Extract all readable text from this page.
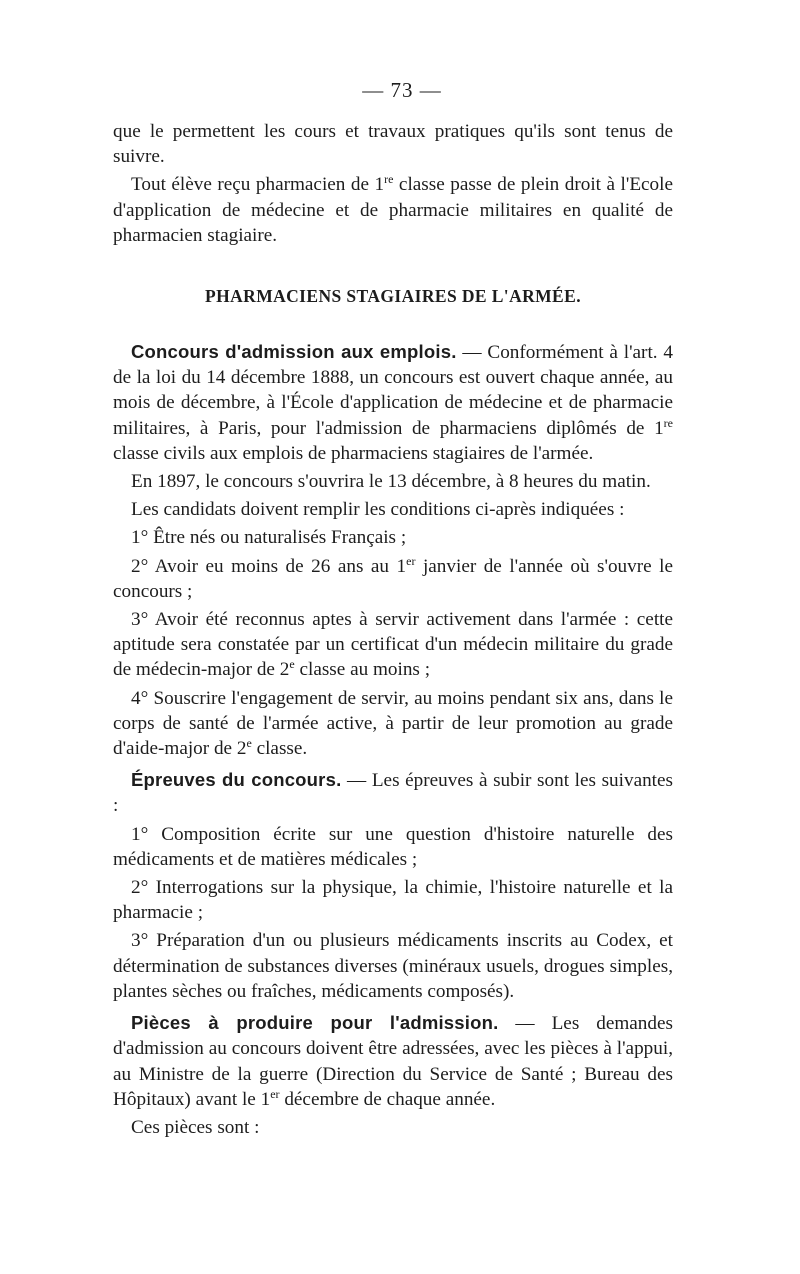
— 73 —

que le permettent les cours et travaux pratiques qu'ils sont tenus de suivre.

Tout élève reçu pharmacien de 1re classe passe de plein droit à l'Ecole d'application de médecine et de pharmacie militaires en qualité de pharmacien stagiaire.

PHARMACIENS STAGIAIRES DE L'ARMÉE.

Concours d'admission aux emplois. — Conformément à l'art. 4 de la loi du 14 décembre 1888, un concours est ouvert chaque année, au mois de décembre, à l'École d'application de médecine et de pharmacie militaires, à Paris, pour l'admission de pharmaciens diplômés de 1re classe civils aux emplois de pharmaciens stagiaires de l'armée.

En 1897, le concours s'ouvrira le 13 décembre, à 8 heures du matin.

Les candidats doivent remplir les conditions ci-après indiquées :

1° Être nés ou naturalisés Français ;

2° Avoir eu moins de 26 ans au 1er janvier de l'année où s'ouvre le concours ;

3° Avoir été reconnus aptes à servir activement dans l'armée : cette aptitude sera constatée par un certificat d'un médecin militaire du grade de médecin-major de 2e classe au moins ;

4° Souscrire l'engagement de servir, au moins pendant six ans, dans le corps de santé de l'armée active, à partir de leur promotion au grade d'aide-major de 2e classe.

Épreuves du concours. — Les épreuves à subir sont les suivantes :

1° Composition écrite sur une question d'histoire naturelle des médicaments et de matières médicales ;

2° Interrogations sur la physique, la chimie, l'histoire naturelle et la pharmacie ;

3° Préparation d'un ou plusieurs médicaments inscrits au Codex, et détermination de substances diverses (minéraux usuels, drogues simples, plantes sèches ou fraîches, médicaments composés).

Pièces à produire pour l'admission. — Les demandes d'admission au concours doivent être adressées, avec les pièces à l'appui, au Ministre de la guerre (Direction du Service de Santé ; Bureau des Hôpitaux) avant le 1er décembre de chaque année.

Ces pièces sont :
